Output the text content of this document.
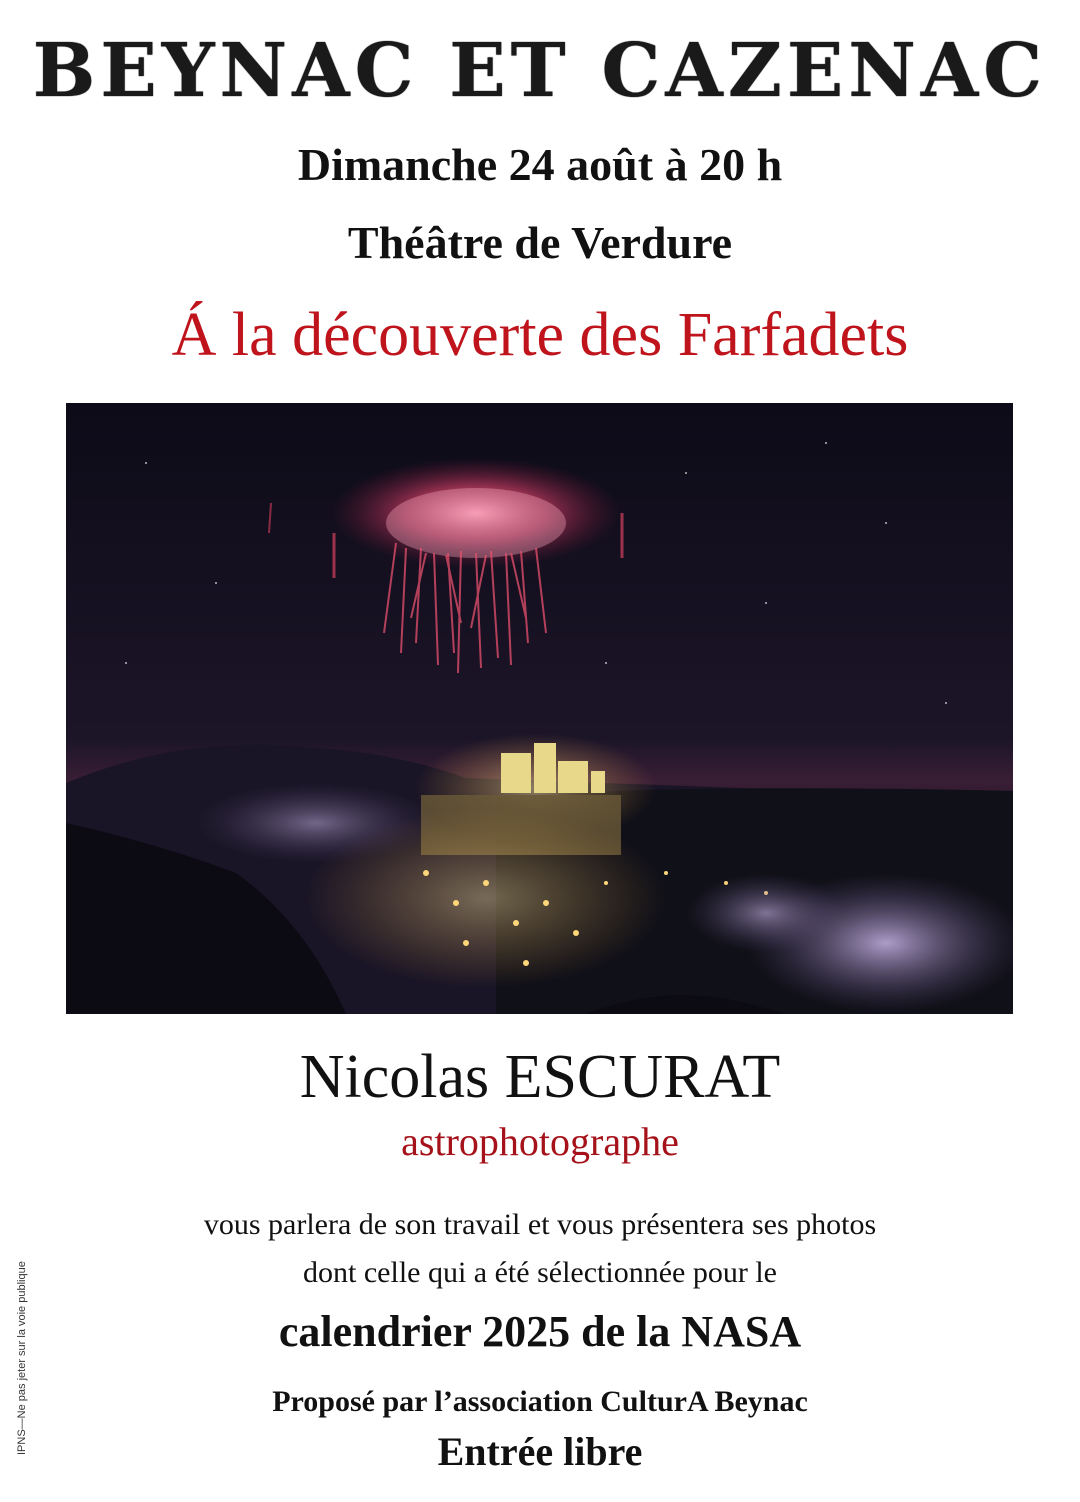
BEYNAC ET CAZENAC
Dimanche 24 août à 20 h
Théâtre de Verdure
Á la découverte des Farfadets
Nicolas ESCURAT
astrophotographe
vous parlera de son travail et vous présentera ses photos
dont celle qui a été sélectionnée pour le
calendrier 2025 de la NASA
Proposé par l’association CulturA Beynac
Entrée libre
IPNS—Ne pas jeter sur la voie publique
